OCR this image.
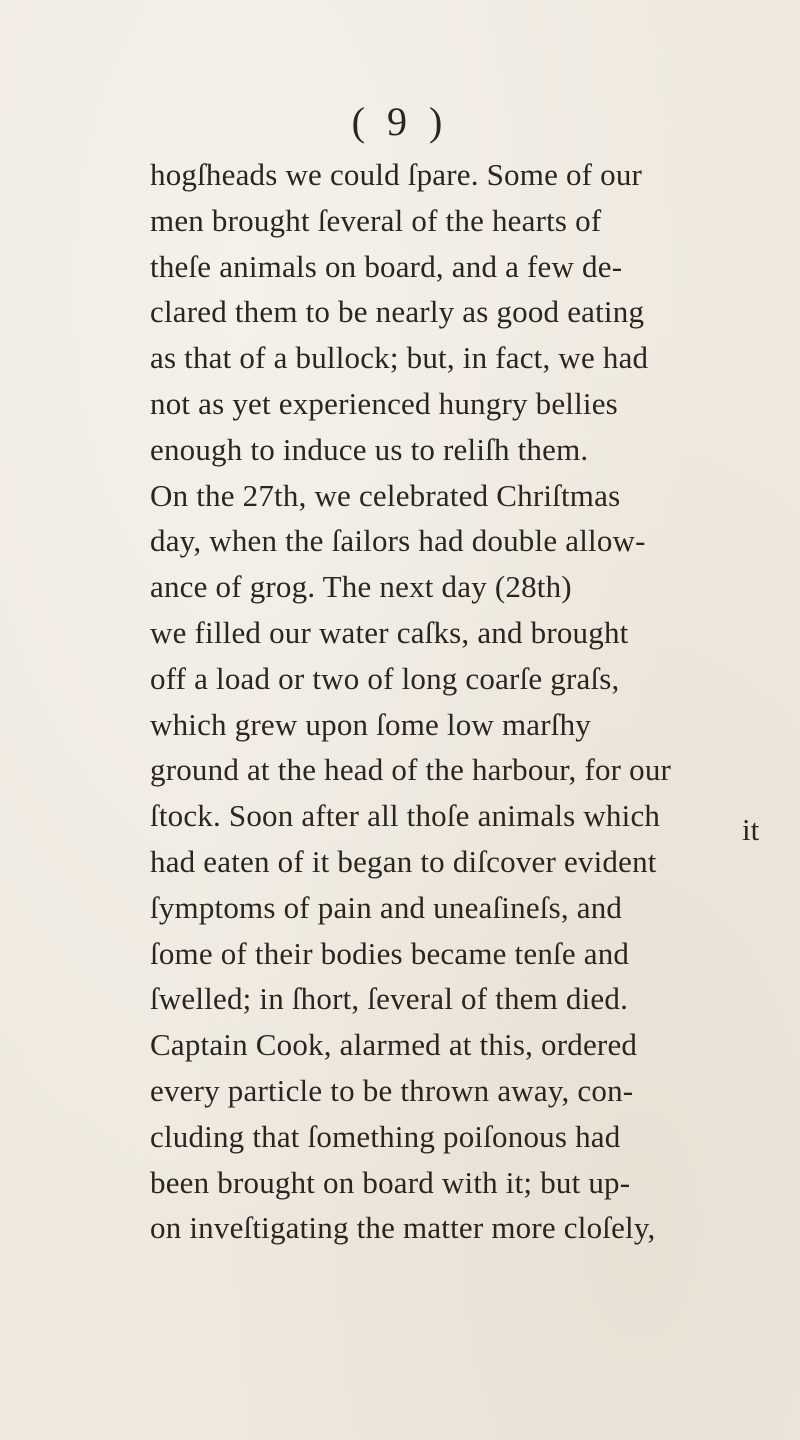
( 9 )
hogſheads we could ſpare. Some of our
men brought ſeveral of the hearts of
theſe animals on board, and a few de-
clared them to be nearly as good eating
as that of a bullock; but, in fact, we had
not as yet experienced hungry bellies
enough to induce us to reliſh them.
On the 27th, we celebrated Chriſtmas
day, when the ſailors had double allow-
ance of grog. The next day (28th)
we filled our water caſks, and brought
off a load or two of long coarſe graſs,
which grew upon ſome low marſhy
ground at the head of the harbour, for our
ſtock. Soon after all thoſe animals which
had eaten of it began to diſcover evident
ſymptoms of pain and uneaſineſs, and
ſome of their bodies became tenſe and
ſwelled; in ſhort, ſeveral of them died.
Captain Cook, alarmed at this, ordered
every particle to be thrown away, con-
cluding that ſomething poiſonous had
been brought on board with it; but up-
on inveſtigating the matter more cloſely,
it
